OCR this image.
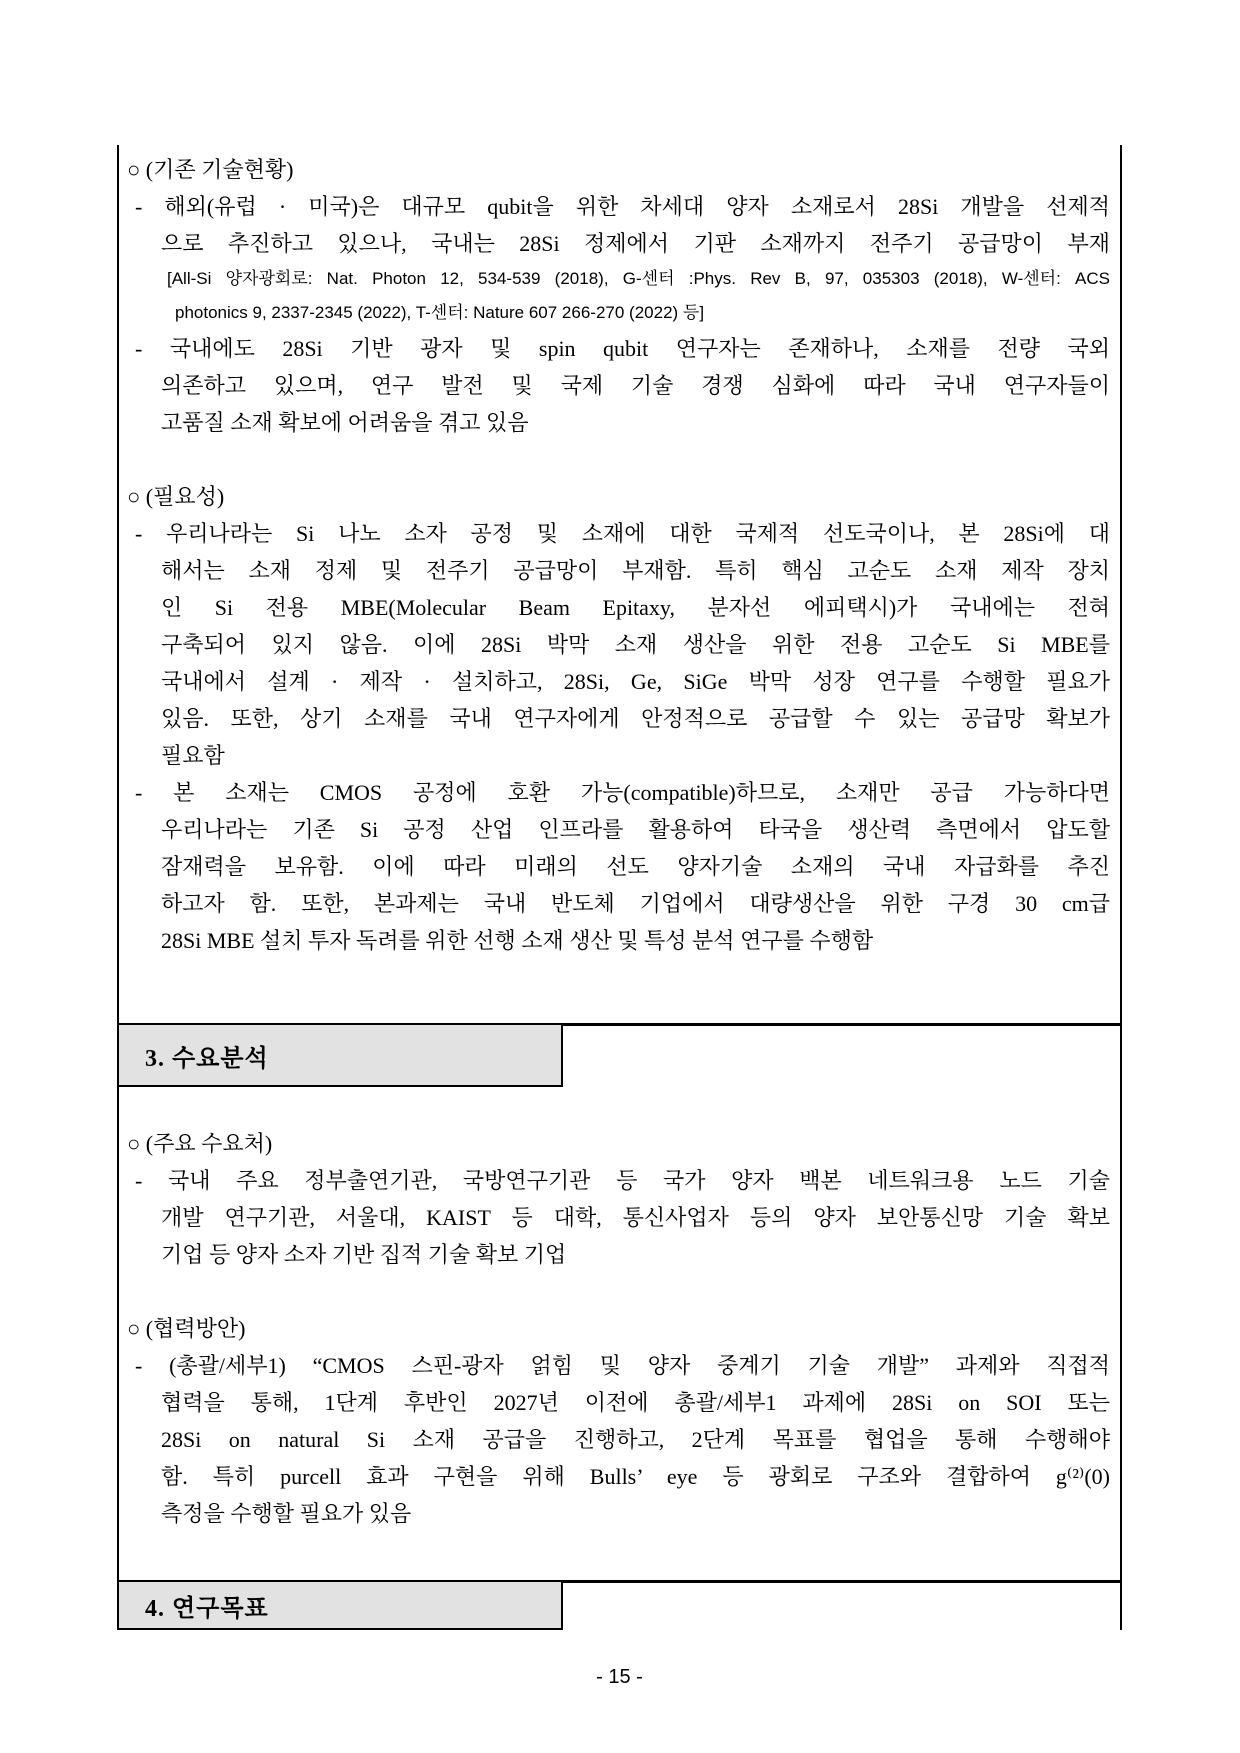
○ (기존 기술현황)
- 해외(유럽 · 미국)은 대규모 qubit을 위한 차세대 양자 소재로서 28Si 개발을 선제적
으로 추진하고 있으나, 국내는 28Si 정제에서 기판 소재까지 전주기 공급망이 부재
[All-Si 양자광회로: Nat. Photon 12, 534-539 (2018), G-센터 :Phys. Rev B, 97, 035303 (2018), W-센터: ACS
photonics 9, 2337-2345 (2022), T-센터: Nature 607 266-270 (2022) 등]
- 국내에도 28Si 기반 광자 및 spin qubit 연구자는 존재하나, 소재를 전량 국외
의존하고 있으며, 연구 발전 및 국제 기술 경쟁 심화에 따라 국내 연구자들이
고품질 소재 확보에 어려움을 겪고 있음
○ (필요성)
- 우리나라는 Si 나노 소자 공정 및 소재에 대한 국제적 선도국이나, 본 28Si에 대
해서는 소재 정제 및 전주기 공급망이 부재함. 특히 핵심 고순도 소재 제작 장치
인 Si 전용 MBE(Molecular Beam Epitaxy, 분자선 에피택시)가 국내에는 전혀
구축되어 있지 않음. 이에 28Si 박막 소재 생산을 위한 전용 고순도 Si MBE를
국내에서 설계 · 제작 · 설치하고, 28Si, Ge, SiGe 박막 성장 연구를 수행할 필요가
있음. 또한, 상기 소재를 국내 연구자에게 안정적으로 공급할 수 있는 공급망 확보가
필요함
- 본 소재는 CMOS 공정에 호환 가능(compatible)하므로, 소재만 공급 가능하다면
우리나라는 기존 Si 공정 산업 인프라를 활용하여 타국을 생산력 측면에서 압도할
잠재력을 보유함. 이에 따라 미래의 선도 양자기술 소재의 국내 자급화를 추진
하고자 함. 또한, 본과제는 국내 반도체 기업에서 대량생산을 위한 구경 30 cm급
28Si MBE 설치 투자 독려를 위한 선행 소재 생산 및 특성 분석 연구를 수행함
3. 수요분석
○ (주요 수요처)
- 국내 주요 정부출연기관, 국방연구기관 등 국가 양자 백본 네트워크용 노드 기술
개발 연구기관, 서울대, KAIST 등 대학, 통신사업자 등의 양자 보안통신망 기술 확보
기업 등 양자 소자 기반 집적 기술 확보 기업
○ (협력방안)
- (총괄/세부1) “CMOS 스핀-광자 얽힘 및 양자 중계기 기술 개발” 과제와 직접적
협력을 통해, 1단계 후반인 2027년 이전에 총괄/세부1 과제에 28Si on SOI 또는
28Si on natural Si 소재 공급을 진행하고, 2단계 목표를 협업을 통해 수행해야
함. 특히 purcell 효과 구현을 위해 Bulls’ eye 등 광회로 구조와 결합하여 g⁽²⁾(0)
측정을 수행할 필요가 있음
4. 연구목표
- 15 -
